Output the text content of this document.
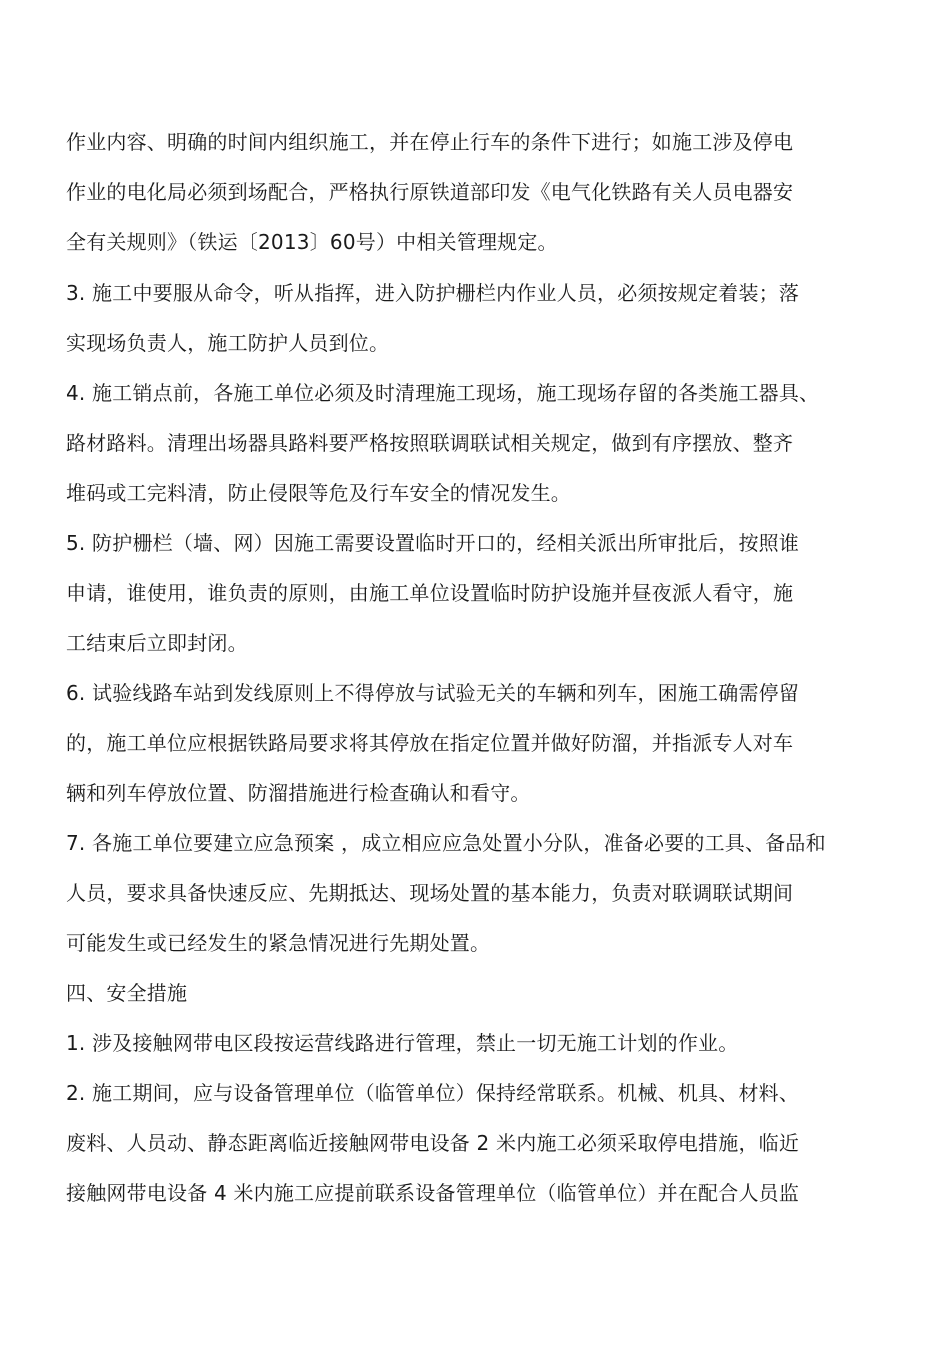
作业内容、明确的时间内组织施工，并在停止行车的条件下进行；如施工涉及停电
作业的电化局必须到场配合，严格执行原铁道部印发《电气化铁路有关人员电器安
全有关规则》（铁运〔2013〕60号）中相关管理规定。
3. 施工中要服从命令，听从指挥，进入防护栅栏内作业人员，必须按规定着装；落
实现场负责人，施工防护人员到位。
4. 施工销点前，各施工单位必须及时清理施工现场，施工现场存留的各类施工器具、
路材路料。清理出场器具路料要严格按照联调联试相关规定，做到有序摆放、整齐
堆码或工完料清，防止侵限等危及行车安全的情况发生。
5. 防护栅栏（墙、网）因施工需要设置临时开口的，经相关派出所审批后，按照谁
申请，谁使用，谁负责的原则，由施工单位设置临时防护设施并昼夜派人看守，施
工结束后立即封闭。
6. 试验线路车站到发线原则上不得停放与试验无关的车辆和列车，困施工确需停留
的，施工单位应根据铁路局要求将其停放在指定位置并做好防溜，并指派专人对车
辆和列车停放位置、防溜措施进行检查确认和看守。
7. 各施工单位要建立应急预案 ，成立相应应急处置小分队，准备必要的工具、备品和
人员，要求具备快速反应、先期抵达、现场处置的基本能力，负责对联调联试期间
可能发生或已经发生的紧急情况进行先期处置。
四、安全措施
1. 涉及接触网带电区段按运营线路进行管理，禁止一切无施工计划的作业。
2. 施工期间，应与设备管理单位（临管单位）保持经常联系。机械、机具、材料、
废料、人员动、静态距离临近接触网带电设备 2 米内施工必须采取停电措施，临近
接触网带电设备 4 米内施工应提前联系设备管理单位（临管单位）并在配合人员监
